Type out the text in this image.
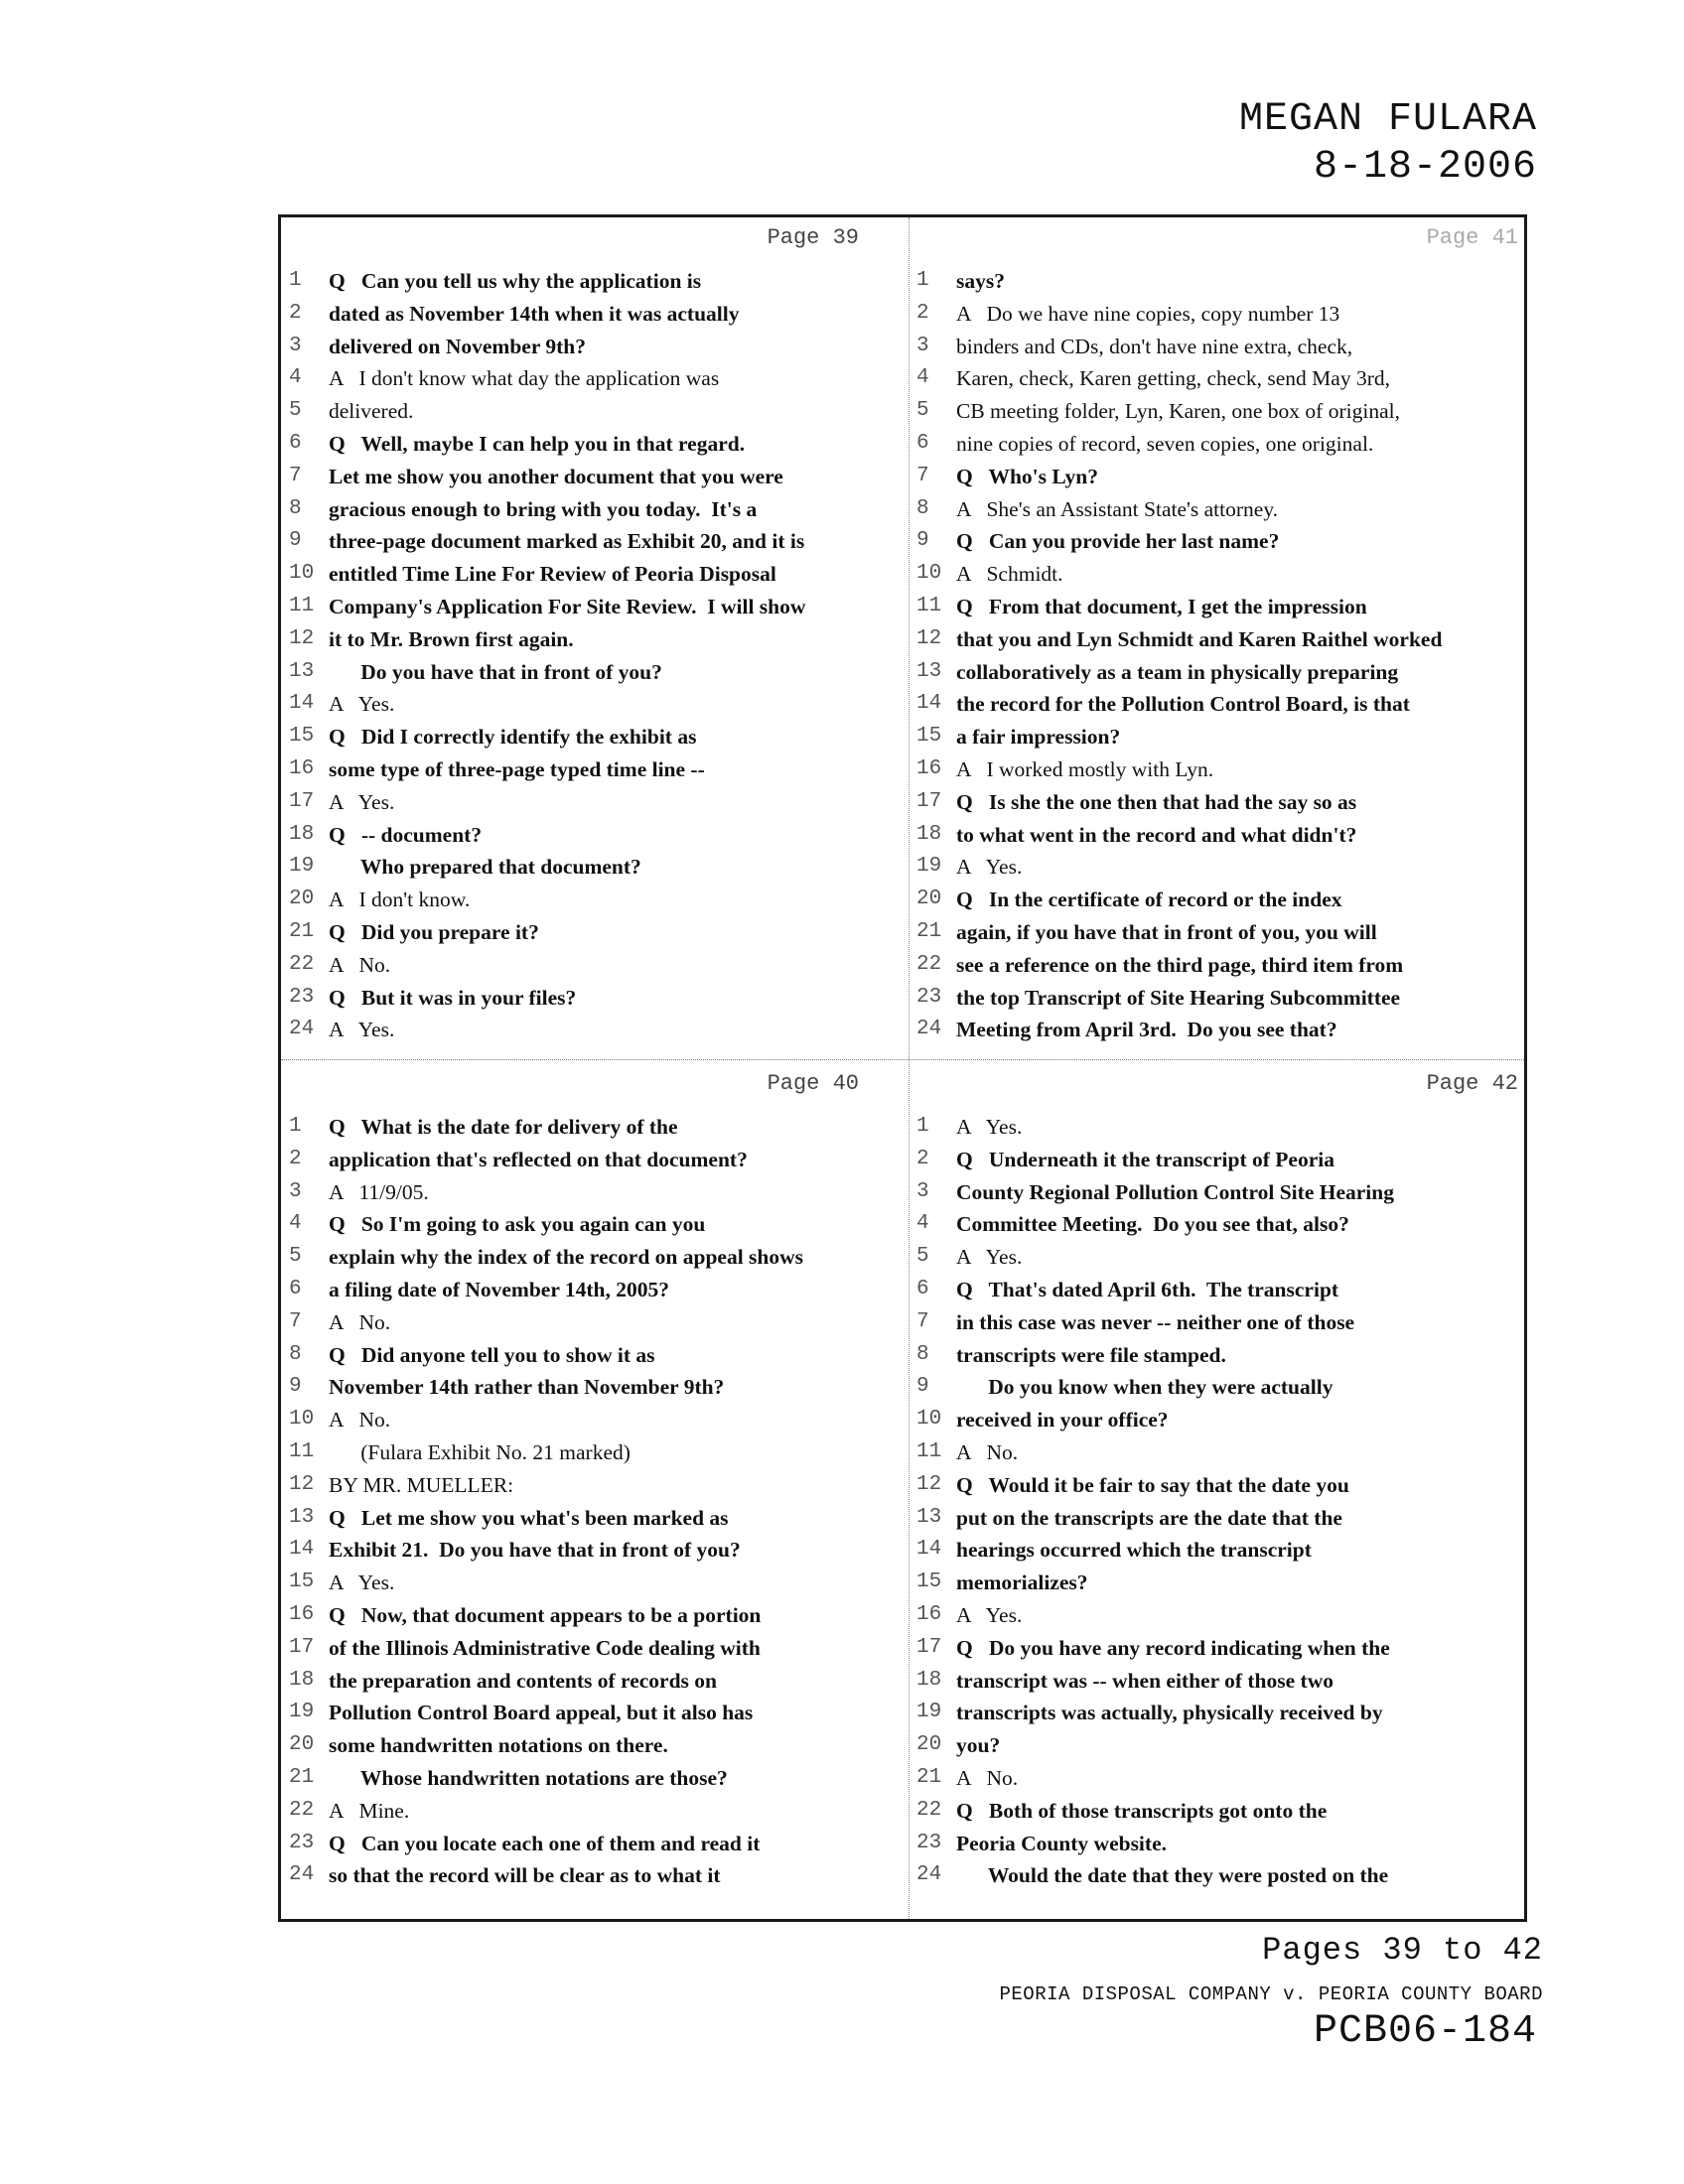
MEGAN FULARA
8-18-2006
Page 39
1	Q   Can you tell us why the application is
2	dated as November 14th when it was actually
3	delivered on November 9th?
4	A   I don't know what day the application was
5	delivered.
6	Q   Well, maybe I can help you in that regard.
7	Let me show you another document that you were
8	gracious enough to bring with you today.  It's a
9	three-page document marked as Exhibit 20, and it is
10 entitled Time Line For Review of Peoria Disposal
11 Company's Application For Site Review.  I will show
12 it to Mr. Brown first again.
13 Do you have that in front of you?
14 A   Yes.
15 Q   Did I correctly identify the exhibit as
16 some type of three-page typed time line --
17 A   Yes.
18 Q   -- document?
19 Who prepared that document?
20 A   I don't know.
21 Q   Did you prepare it?
22 A   No.
23 Q   But it was in your files?
24 A   Yes.
Page 41
1	says?
2	A   Do we have nine copies, copy number 13
3	binders and CDs, don't have nine extra, check,
4	Karen, check, Karen getting, check, send May 3rd,
5	CB meeting folder, Lyn, Karen, one box of original,
6	nine copies of record, seven copies, one original.
7	Q   Who's Lyn?
8	A   She's an Assistant State's attorney.
9	Q   Can you provide her last name?
10 A   Schmidt.
11 Q   From that document, I get the impression
12 that you and Lyn Schmidt and Karen Raithel worked
13 collaboratively as a team in physically preparing
14 the record for the Pollution Control Board, is that
15 a fair impression?
16 A   I worked mostly with Lyn.
17 Q   Is she the one then that had the say so as
18 to what went in the record and what didn't?
19 A   Yes.
20 Q   In the certificate of record or the index
21 again, if you have that in front of you, you will
22 see a reference on the third page, third item from
23 the top Transcript of Site Hearing Subcommittee
24 Meeting from April 3rd.  Do you see that?
Page 40
1	Q   What is the date for delivery of the
2	application that's reflected on that document?
3	A   11/9/05.
4	Q   So I'm going to ask you again can you
5	explain why the index of the record on appeal shows
6	a filing date of November 14th, 2005?
7	A   No.
8	Q   Did anyone tell you to show it as
9	November 14th rather than November 9th?
10 A   No.
11 (Fulara Exhibit No. 21 marked)
12 BY MR. MUELLER:
13 Q   Let me show you what's been marked as
14 Exhibit 21.  Do you have that in front of you?
15 A   Yes.
16 Q   Now, that document appears to be a portion
17 of the Illinois Administrative Code dealing with
18 the preparation and contents of records on
19 Pollution Control Board appeal, but it also has
20 some handwritten notations on there.
21 Whose handwritten notations are those?
22 A   Mine.
23 Q   Can you locate each one of them and read it
24 so that the record will be clear as to what it
Page 42
1	A   Yes.
2	Q   Underneath it the transcript of Peoria
3	County Regional Pollution Control Site Hearing
4	Committee Meeting.  Do you see that, also?
5	A   Yes.
6	Q   That's dated April 6th.  The transcript
7	in this case was never -- neither one of those
8	transcripts were file stamped.
9	Do you know when they were actually
10 received in your office?
11 A   No.
12 Q   Would it be fair to say that the date you
13 put on the transcripts are the date that the
14 hearings occurred which the transcript
15 memorializes?
16 A   Yes.
17 Q   Do you have any record indicating when the
18 transcript was -- when either of those two
19 transcripts was actually, physically received by
20 you?
21 A   No.
22 Q   Both of those transcripts got onto the
23 Peoria County website.
24 Would the date that they were posted on the
Pages 39 to 42
PEORIA DISPOSAL COMPANY v. PEORIA COUNTY BOARD
PCB06-184
